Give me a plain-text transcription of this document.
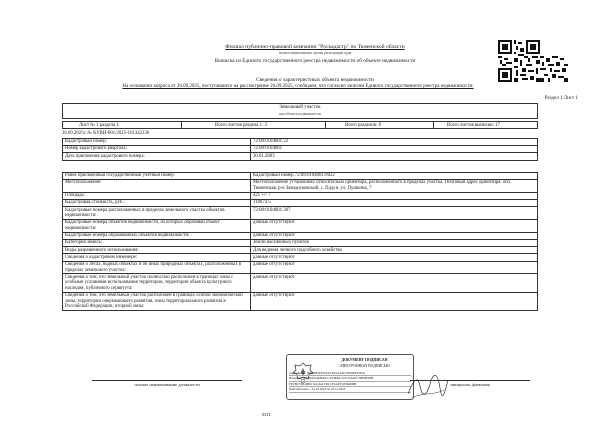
Филиал публично-правовой компании "Роскадастр" по Тюменской области
полное наименование органа регистрации прав
Выписка из Единого государственного реестра недвижимости об объекте недвижимости
Сведения о характеристиках объекта недвижимости
На основании запроса от 26.09.2025, поступившего на рассмотрение 26.09.2025, сообщаем, что согласно записям Единого государственного реестра недвижимости:
Раздел 1 Лист 1
Земельный участок
вид объекта недвижимости
Лист № 1 раздела 1	Всего листов раздела 1: 3	Всего разделов: 8	Всего листов выписки: 17
26.09.2025г. № КУВИ-001/2025-161342236
Кадастровый номер:	72:08:0104001:22
Номер кадастрового квартала:	72:08:0104001
Дата присвоения кадастрового номера:	30.01.2003
Ранее присвоенный государственный учетный номер:	Кадастровый номер 72:08:0104001:0022
Местоположение:	Местоположение установлено относительно ориентира, расположенного в пределах участка. Почтовый адрес ориентира: обл. Тюменская, р-н Заводоуковский, с. Падун, ул. Пушкина, 7
Площадь:	425 +/- 7
Кадастровая стоимость, руб.:	110874.5
Кадастровые номера расположенных в пределах земельного участка объектов недвижимости:	72:08:0104001:367
Кадастровые номера объектов недвижимости, из которых образован объект недвижимости:	данные отсутствуют
Кадастровые номера образованных объектов недвижимости:	данные отсутствуют
Категория земель:	Земли населенных пунктов
Виды разрешенного использования:	Для ведения личного подсобного хозяйства
Сведения о кадастровом инженере:	данные отсутствуют
Сведения о лесах, водных объектах и об иных природных объектах, расположенных в пределах земельного участка:	данные отсутствуют
Сведения о том, что земельный участок полностью расположен в границах зоны с особыми условиями использования территории, территории объекта культурного наследия, публичного сервитута:	данные отсутствуют
Сведения о том, что земельный участок расположен в границах особой экономической зоны, территории опережающего развития, зоны территориального развития в Российской Федерации, игорной зоны:	данные отсутствуют
ДОКУМЕНТ ПОДПИСАН
ЭЛЕКТРОННОЙ ПОДПИСЬЮ
Сертификат: 00D68E3ED3AAC9A0AA2F1F9998EE0DA
Владелец: ФЕДЕРАЛЬНАЯ СЛУЖБА ГОСУДАРСТВЕННОЙ
РЕГИСТРАЦИИ, КАДАСТРА И КАРТОГРАФИИ
Действителен: с 01.10.2024 по 25.12.2025
полное наименование должности	инициалы, фамилия
М.П.
